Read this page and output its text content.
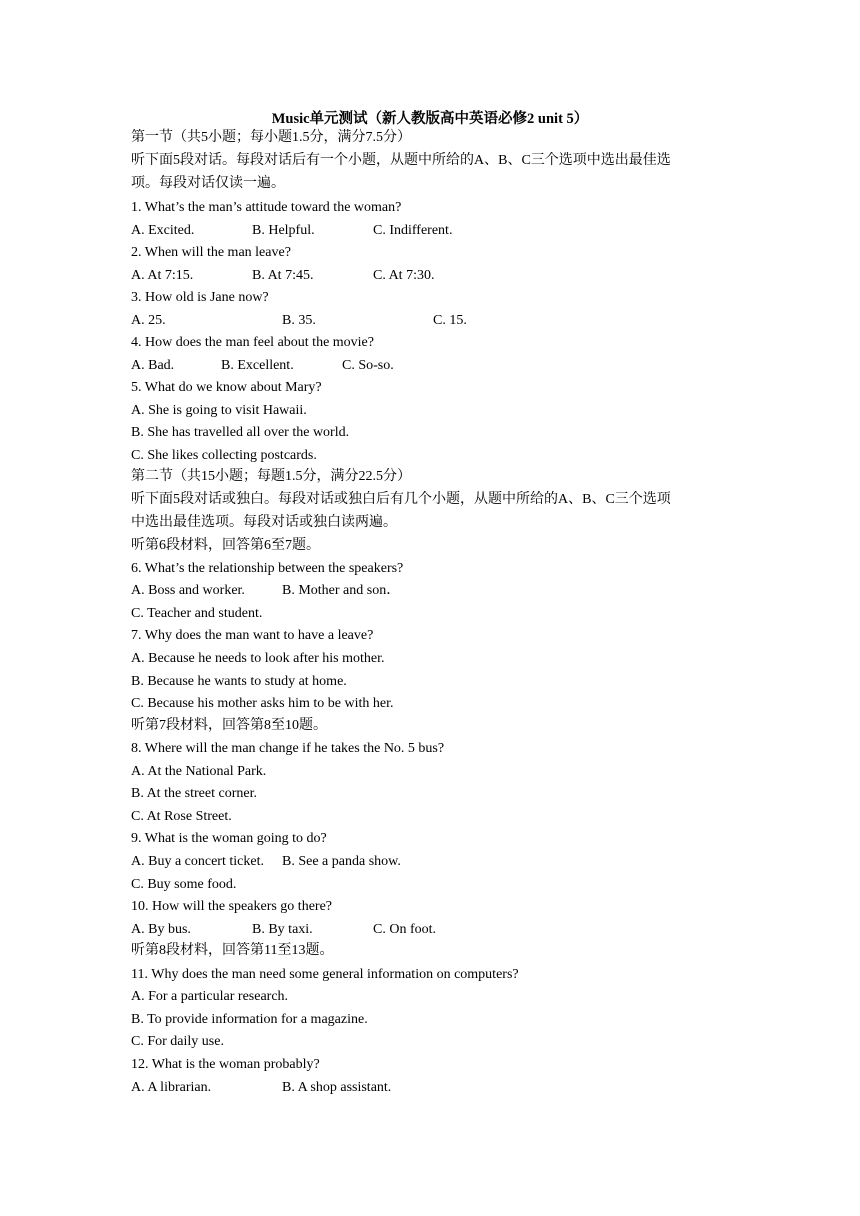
Music单元测试（新人教版高中英语必修2 unit 5）
第一节（共5小题；每小题1.5分，满分7.5分）
听下面5段对话。每段对话后有一个小题，从题中所给的A、B、C三个选项中选出最佳选
项。每段对话仅读一遍。
1. What’s the man’s attitude toward the woman?
A. Excited.	B. Helpful.	C. Indifferent.
2. When will the man leave?
A. At 7:15.	B. At 7:45.	C. At 7:30.
3. How old is Jane now?
A. 25.	B. 35.	C. 15.
4. How does the man feel about the movie?
A. Bad.	B. Excellent.	C. So-so.
5. What do we know about Mary?
A. She is going to visit Hawaii.
B. She has travelled all over the world.
C. She likes collecting postcards.
第二节（共15小题；每题1.5分，满分22.5分）
听下面5段对话或独白。每段对话或独白后有几个小题，从题中所给的A、B、C三个选项
中选出最佳选项。每段对话或独白读两遍。
听第6段材料，回答第6至7题。
6. What’s the relationship between the speakers?
A. Boss and worker.	B. Mother and son．
C. Teacher and student.
7. Why does the man want to have a leave?
A. Because he needs to look after his mother.
B. Because he wants to study at home.
C. Because his mother asks him to be with her.
听第7段材料，回答第8至10题。
8. Where will the man change if he takes the No. 5 bus?
A. At the National Park.
B. At the street corner.
C. At Rose Street.
9. What is the woman going to do?
A. Buy a concert ticket. B. See a panda show.
C. Buy some food.
10. How will the speakers go there?
A. By bus.	B. By taxi.	C. On foot.
听第8段材料，回答第11至13题。
11. Why does the man need some general information on computers?
A. For a particular research.
B. To provide information for a magazine.
C. For daily use.
12. What is the woman probably?
A. A librarian.	B. A shop assistant.
